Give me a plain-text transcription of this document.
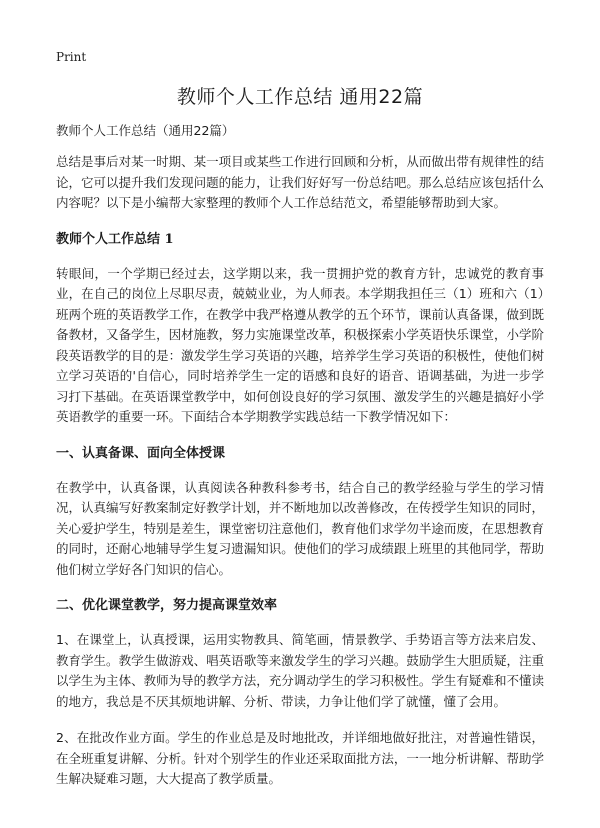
Print
教师个人工作总结 通用22篇

教师个人工作总结（通用22篇）

总结是事后对某一时期、某一项目或某些工作进行回顾和分析，从而做出带有规律性的结论，它可以提升我们发现问题的能力，让我们好好写一份总结吧。那么总结应该包括什么内容呢？以下是小编帮大家整理的教师个人工作总结范文，希望能够帮助到大家。

教师个人工作总结 1

转眼间，一个学期已经过去，这学期以来，我一贯拥护党的教育方针，忠诚党的教育事业，在自己的岗位上尽职尽责，兢兢业业，为人师表。本学期我担任三（1）班和六（1）班两个班的英语教学工作，在教学中我严格遵从教学的五个环节，课前认真备课，做到既备教材，又备学生，因材施教，努力实施课堂改革，积极探索小学英语快乐课堂，小学阶段英语教学的目的是：激发学生学习英语的兴趣，培养学生学习英语的积极性，使他们树立学习英语的'自信心，同时培养学生一定的语感和良好的语音、语调基础，为进一步学习打下基础。在英语课堂教学中，如何创设良好的学习氛围、激发学生的兴趣是搞好小学英语教学的重要一环。下面结合本学期教学实践总结一下教学情况如下：

一、认真备课、面向全体授课

在教学中，认真备课，认真阅读各种教科参考书，结合自己的教学经验与学生的学习情况，认真编写好教案制定好教学计划，并不断地加以改善修改，在传授学生知识的同时，关心爱护学生，特别是差生，课堂密切注意他们，教育他们求学勿半途而废，在思想教育的同时，还耐心地辅导学生复习遗漏知识。使他们的学习成绩跟上班里的其他同学，帮助他们树立学好各门知识的信心。

二、优化课堂教学，努力提高课堂效率

1、在课堂上，认真授课，运用实物教具、简笔画，情景教学、手势语言等方法来启发、教育学生。教学生做游戏、唱英语歌等来激发学生的学习兴趣。鼓励学生大胆质疑，注重以学生为主体、教师为导的教学方法，充分调动学生的学习积极性。学生有疑难和不懂读的地方，我总是不厌其烦地讲解、分析、带读，力争让他们学了就懂，懂了会用。

2、在批改作业方面。学生的作业总是及时地批改，并详细地做好批注，对普遍性错误，在全班重复讲解、分析。针对个别学生的作业还采取面批方法，一一地分析讲解、帮助学生解决疑难习题，大大提高了教学质量。
